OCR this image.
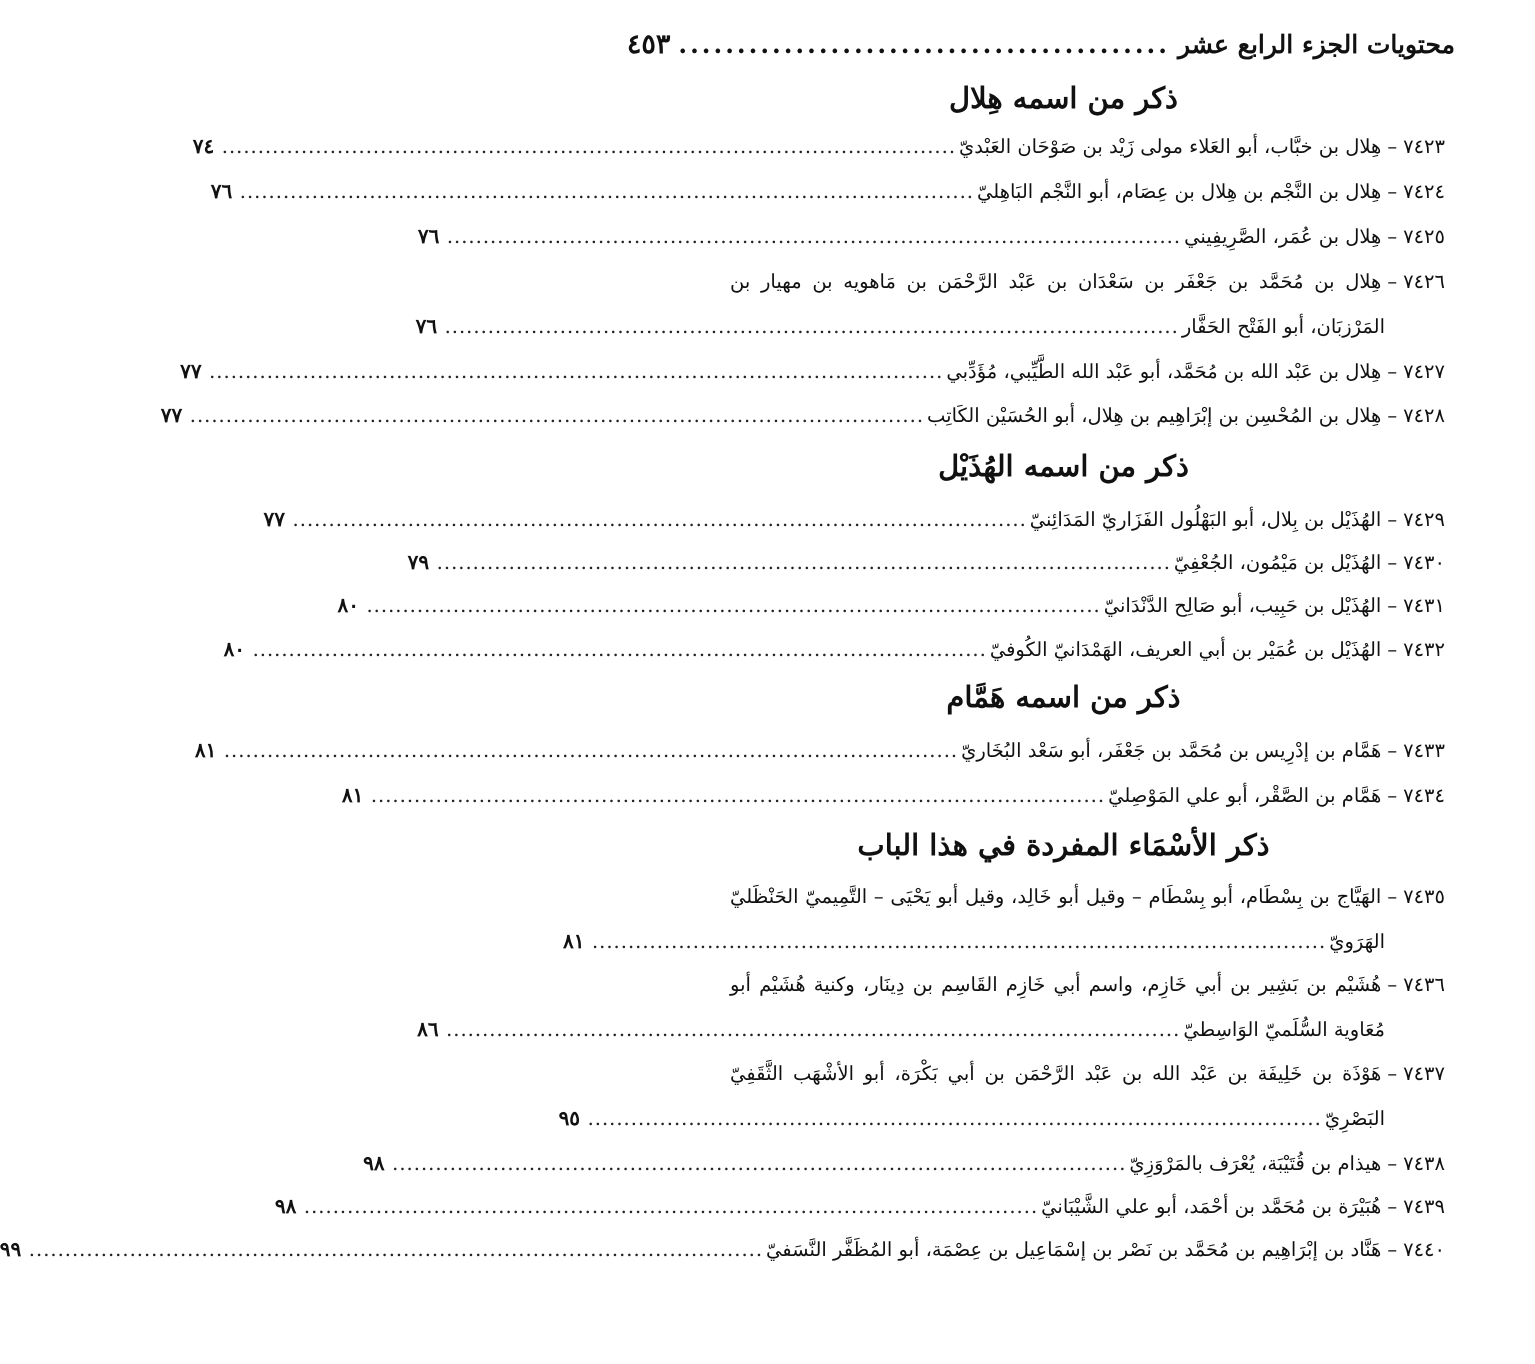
محتويات الجزء الرابع عشر
..........................................
٤٥٣
ذكر من اسمه هِلال
٧٤٢٣
–
هِلال بن خبَّاب، أبو العَلاء مولى زَيْد بن صَوْحَان العَبْديّ
......................................................................................................
٧٤
٧٤٢٤
–
هِلال بن النَّجْم بن هِلال بن عِصَام، أبو النَّجْم البَاهِليّ
......................................................................................................
٧٦
٧٤٢٥
–
هِلال بن عُمَر، الصَّرِيفِيني
......................................................................................................
٧٦
٧٤٢٦
–
هِلال بن مُحَمَّد بن جَعْفَر بن سَعْدَان بن عَبْد الرَّحْمَن بن مَاهويه بن مهيار بن
المَرْزبَان، أبو الفَتْح الحَفَّار
......................................................................................................
٧٦
٧٤٢٧
–
هِلال بن عَبْد الله بن مُحَمَّد، أبو عَبْد الله الطَّيِّبي، مُؤَدِّبي
......................................................................................................
٧٧
٧٤٢٨
–
هِلال بن المُحْسِن بن إبْرَاهِيم بن هِلال، أبو الحُسَيْن الكَاتِب
......................................................................................................
٧٧
ذكر من اسمه الهُذَيْل
٧٤٢٩
–
الهُذَيْل بن بِلال، أبو البَهْلُول الفَزَاريّ المَدَائِنيّ
......................................................................................................
٧٧
٧٤٣٠
–
الهُذَيْل بن مَيْمُون، الجُعْفِيّ
......................................................................................................
٧٩
٧٤٣١
–
الهُذَيْل بن حَبِيب، أبو صَالِح الدَّنْدَانيّ
......................................................................................................
٨٠
٧٤٣٢
–
الهُذَيْل بن عُمَيْر بن أبي العريف، الهَمْدَانيّ الكُوفيّ
......................................................................................................
٨٠
ذكر من اسمه هَمَّام
٧٤٣٣
–
هَمَّام بن إدْرِيس بن مُحَمَّد بن جَعْفَر، أبو سَعْد البُخَاريّ
......................................................................................................
٨١
٧٤٣٤
–
هَمَّام بن الصَّقْر، أبو علي المَوْصِليّ
......................................................................................................
٨١
ذكر الأسْمَاء المفردة في هذا الباب
٧٤٣٥
–
الهَيَّاج بن بِسْطَام، أبو بِسْطَام – وقيل أبو خَالِد، وقيل أبو يَحْيَى – التَّمِيميّ الحَنْظَليّ
الهَرَويّ
......................................................................................................
٨١
٧٤٣٦
–
هُشَيْم بن بَشِير بن أبي خَازِم، واسم أبي خَازِم القَاسِم بن دِينَار، وكنية هُشَيْم أبو
مُعَاوية السُّلَميّ الوَاسِطيّ
......................................................................................................
٨٦
٧٤٣٧
–
هَوْذَة بن خَلِيفَة بن عَبْد الله بن عَبْد الرَّحْمَن بن أبي بَكْرَة، أبو الأشْهَب الثَّقَفِيّ
البَصْرِيّ
......................................................................................................
٩٥
٧٤٣٨
–
هيذام بن قُتَيْبَة، يُعْرَف بالمَرْوَزِيّ
......................................................................................................
٩٨
٧٤٣٩
–
هُبَيْرَة بن مُحَمَّد بن أحْمَد، أبو علي الشَّيْبَانيّ
......................................................................................................
٩٨
٧٤٤٠
–
هَنَّاد بن إبْرَاهِيم بن مُحَمَّد بن نَصْر بن إسْمَاعِيل بن عِصْمَة، أبو المُظَفَّر النَّسَفيّ
......................................................................................................
٩٩
